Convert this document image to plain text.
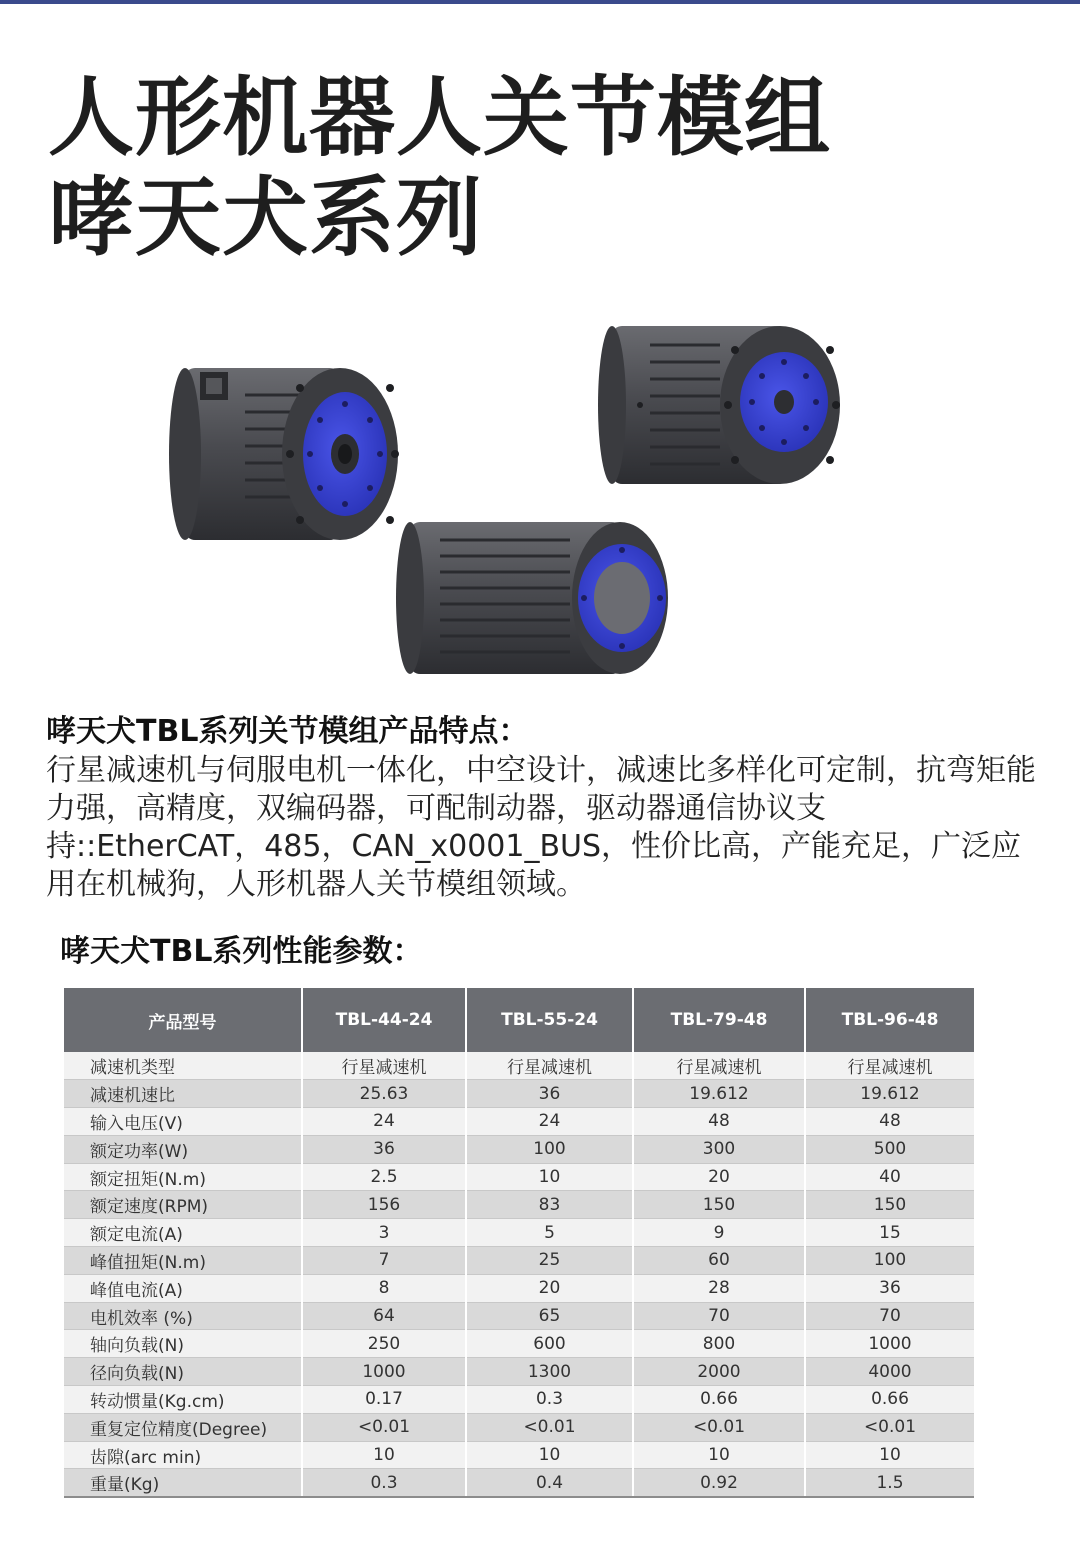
人形机器人关节模组
哮天犬系列
哮天犬TBL系列关节模组产品特点：

行星减速机与伺服电机一体化，中空设计，减速比多样化可定制，抗弯矩能力强，高精度，双编码器，可配制动器，驱动器通信协议支持::EtherCAT，485，CAN_x0001_BUS，性价比高，产能充足，广泛应用在机械狗，人形机器人关节模组领域。

哮天犬TBL系列性能参数：
产品型号	TBL-44-24	TBL-55-24	TBL-79-48	TBL-96-48
减速机类型	行星减速机	行星减速机	行星减速机	行星减速机
减速机速比	25.63	36	19.612	19.612
输入电压(V)	24	24	48	48
额定功率(W)	36	100	300	500
额定扭矩(N.m)	2.5	10	20	40
额定速度(RPM)	156	83	150	150
额定电流(A)	3	5	9	15
峰值扭矩(N.m)	7	25	60	100
峰值电流(A)	8	20	28	36
电机效率 (%)	64	65	70	70
轴向负载(N)	250	600	800	1000
径向负载(N)	1000	1300	2000	4000
转动惯量(Kg.cm)	0.17	0.3	0.66	0.66
重复定位精度(Degree)	<0.01	<0.01	<0.01	<0.01
齿隙(arc min)	10	10	10	10
重量(Kg)	0.3	0.4	0.92	1.5
